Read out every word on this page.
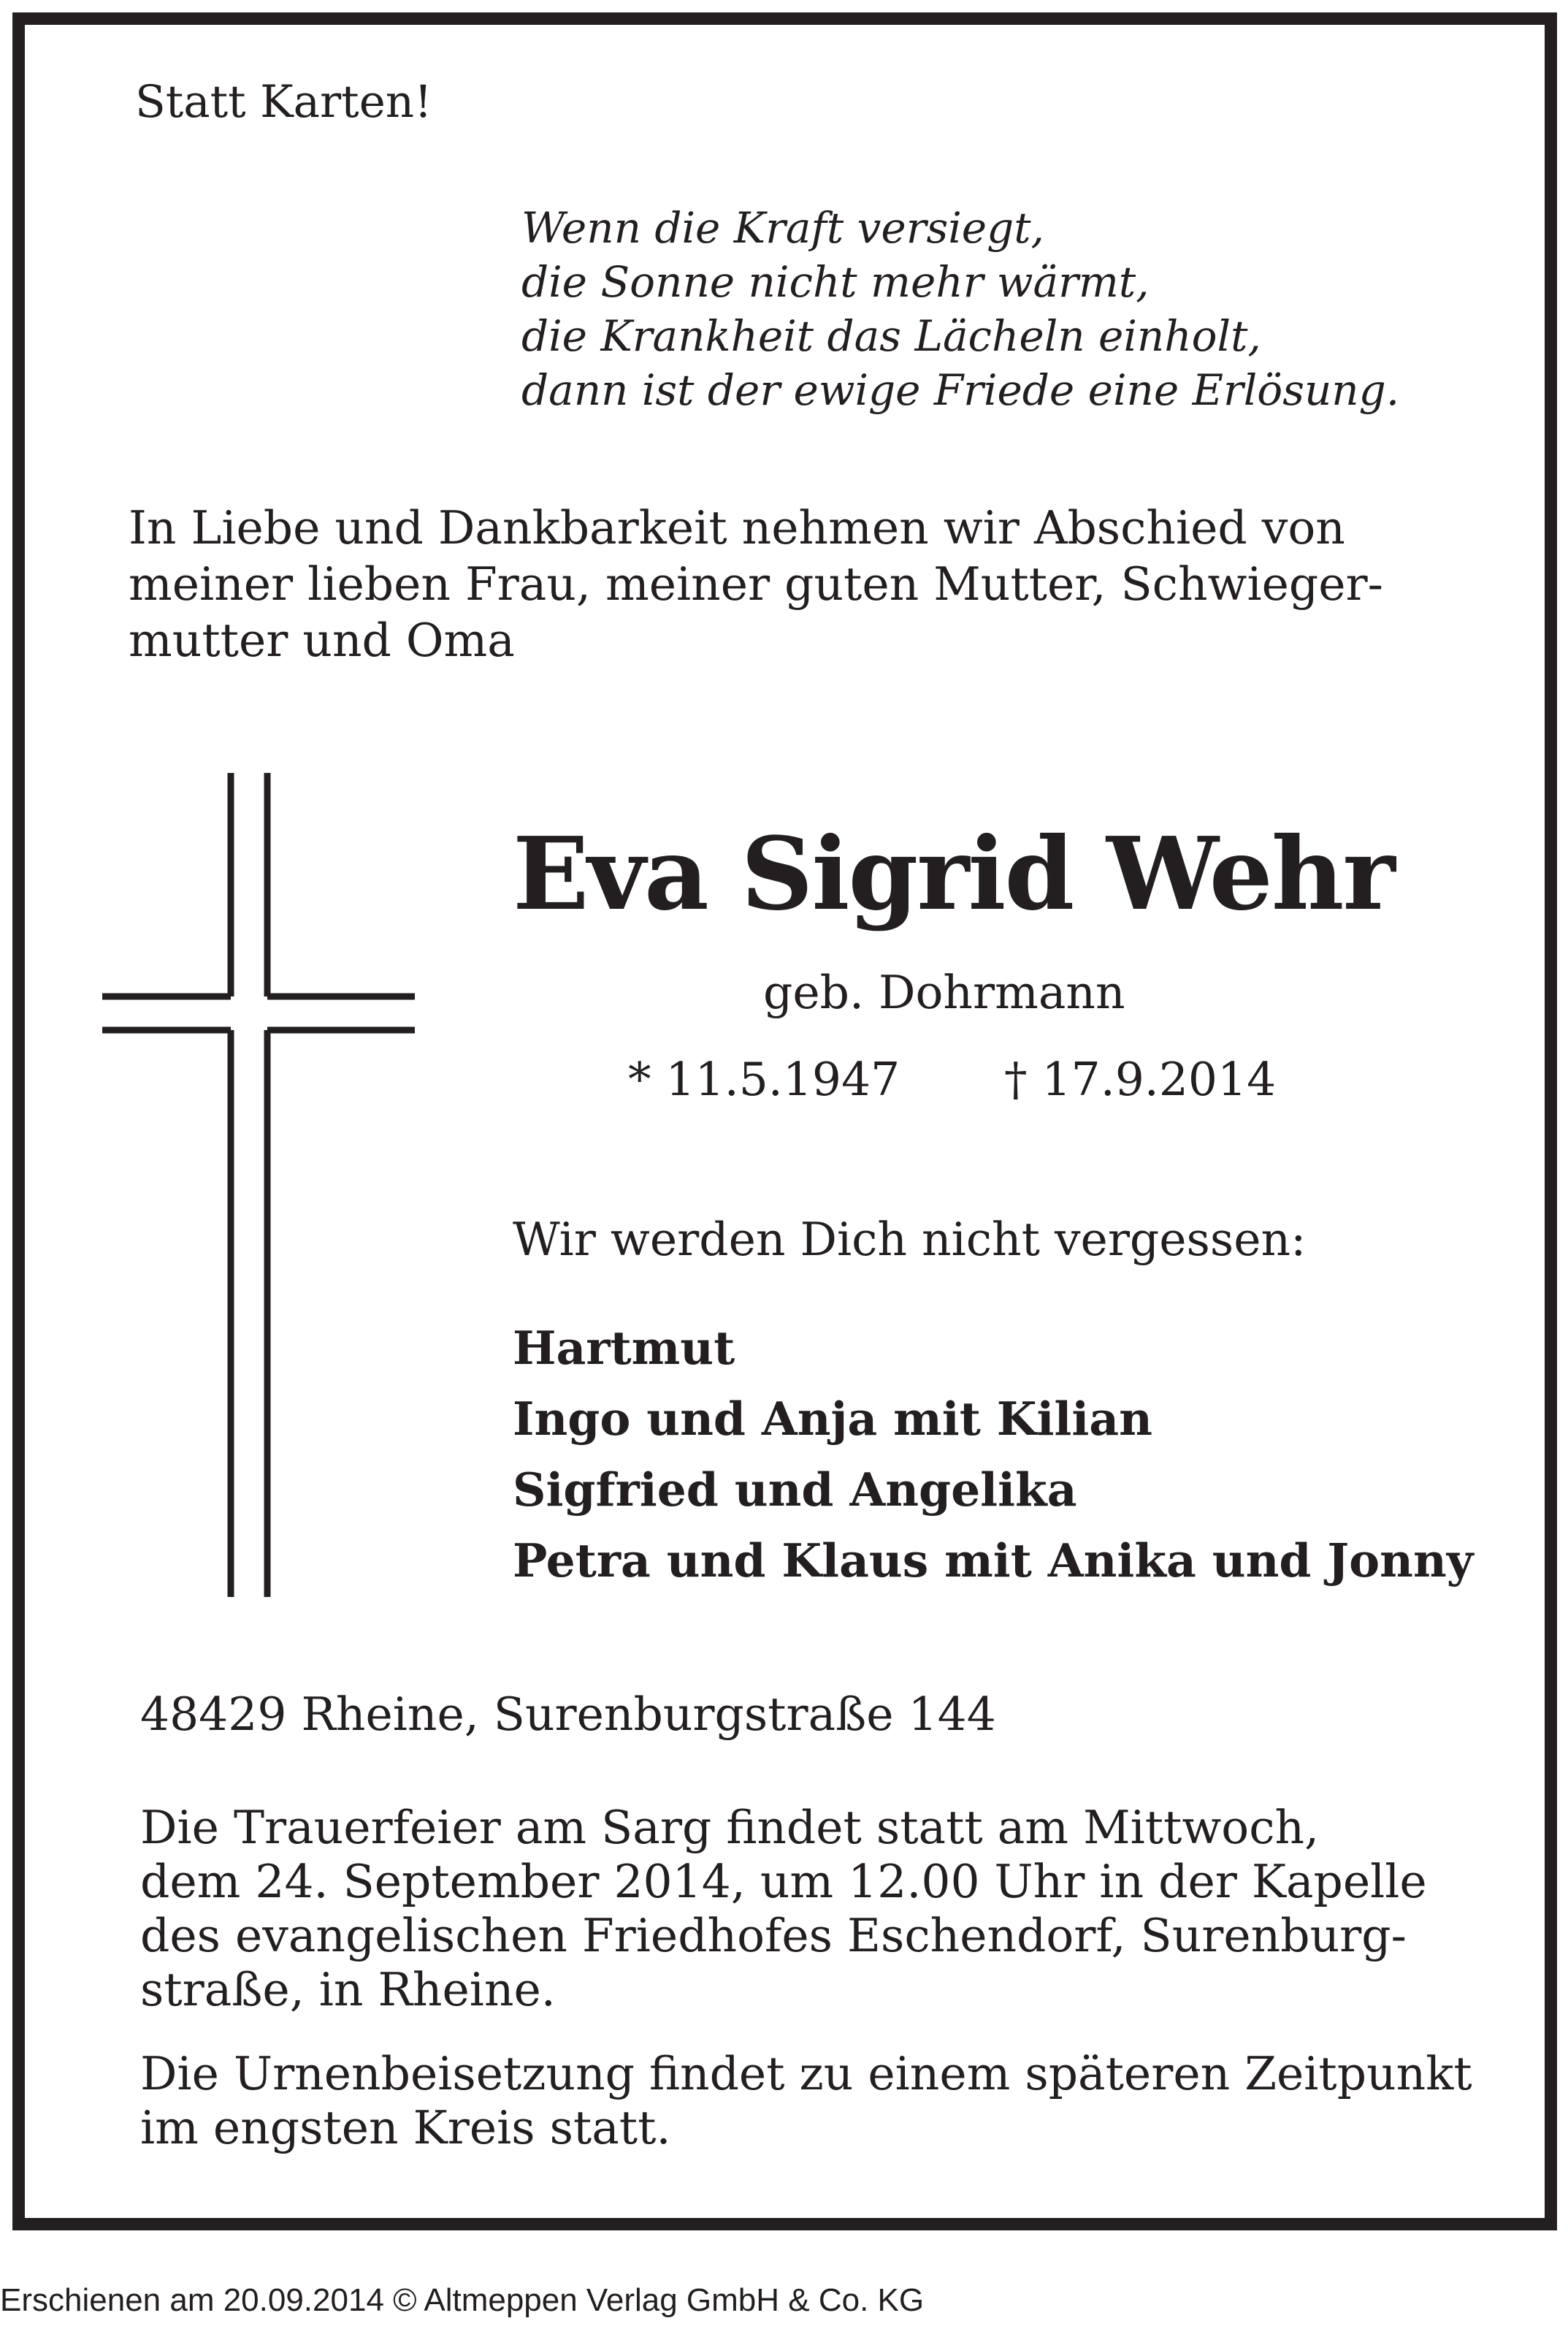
Statt Karten!
Wenn die Kraft versiegt,
die Sonne nicht mehr wärmt,
die Krankheit das Lächeln einholt,
dann ist der ewige Friede eine Erlösung.
In Liebe und Dankbarkeit nehmen wir Abschied von
meiner lieben Frau, meiner guten Mutter, Schwieger-
mutter und Oma
Eva Sigrid Wehr
geb. Dohrmann
* 11.5.1947 † 17.9.2014
Wir werden Dich nicht vergessen:
Hartmut
Ingo und Anja mit Kilian
Sigfried und Angelika
Petra und Klaus mit Anika und Jonny
48429 Rheine, Surenburgstraße 144
Die Trauerfeier am Sarg findet statt am Mittwoch,
dem 24. September 2014, um 12.00 Uhr in der Kapelle
des evangelischen Friedhofes Eschendorf, Surenburg-
straße, in Rheine.
Die Urnenbeisetzung findet zu einem späteren Zeitpunkt
im engsten Kreis statt.
Erschienen am 20.09.2014 © Altmeppen Verlag GmbH & Co. KG
